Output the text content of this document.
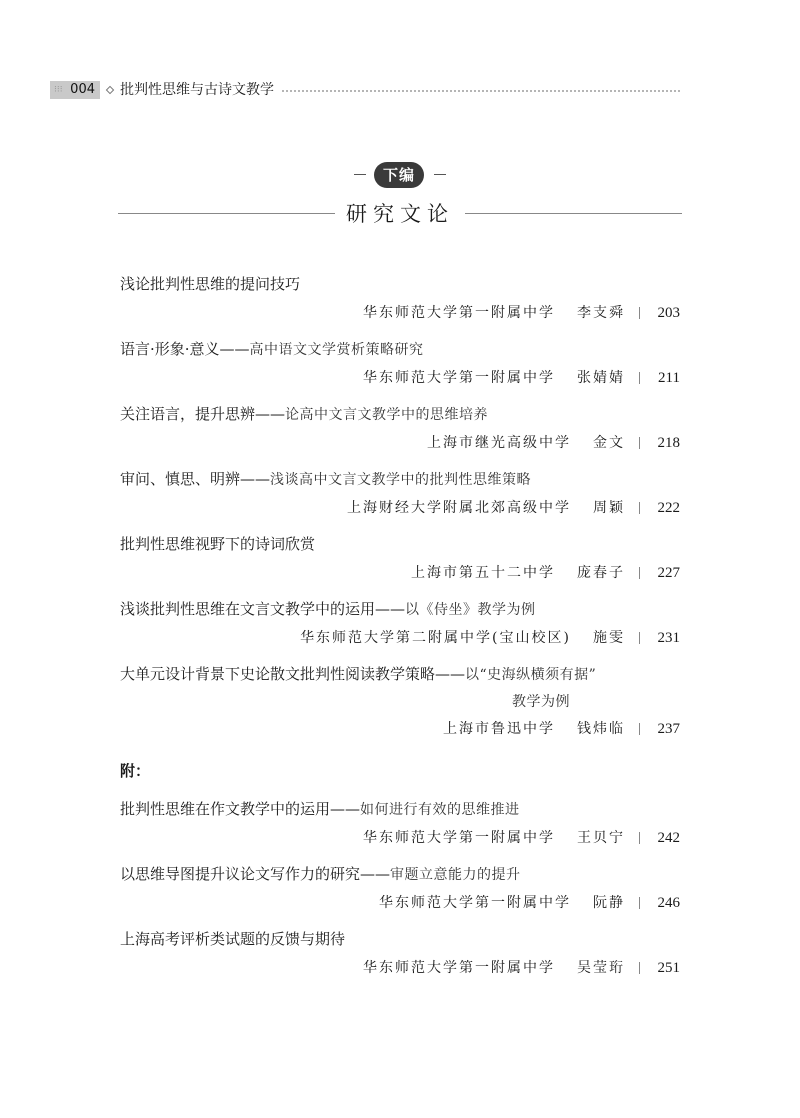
⁝⁝⁝ 004	批判性思维与古诗文教学
下编
研究文论
浅论批判性思维的提问技巧
华东师范大学第一附属中学 李支舜	203
语言·形象·意义——高中语文文学赏析策略研究
华东师范大学第一附属中学 张婧婧	211
关注语言，提升思辨——论高中文言文教学中的思维培养
上海市继光高级中学 金文	218
审问、慎思、明辨——浅谈高中文言文教学中的批判性思维策略
上海财经大学附属北郊高级中学 周颖	222
批判性思维视野下的诗词欣赏
上海市第五十二中学 庞春子	227
浅谈批判性思维在文言文教学中的运用——以《侍坐》教学为例
华东师范大学第二附属中学(宝山校区) 施雯	231
大单元设计背景下史论散文批判性阅读教学策略——以“史海纵横须有据”
教学为例
上海市鲁迅中学 钱炜临	237
附：
批判性思维在作文教学中的运用——如何进行有效的思维推进
华东师范大学第一附属中学 王贝宁	242
以思维导图提升议论文写作力的研究——审题立意能力的提升
华东师范大学第一附属中学 阮静	246
上海高考评析类试题的反馈与期待
华东师范大学第一附属中学 吴莹珩	251
